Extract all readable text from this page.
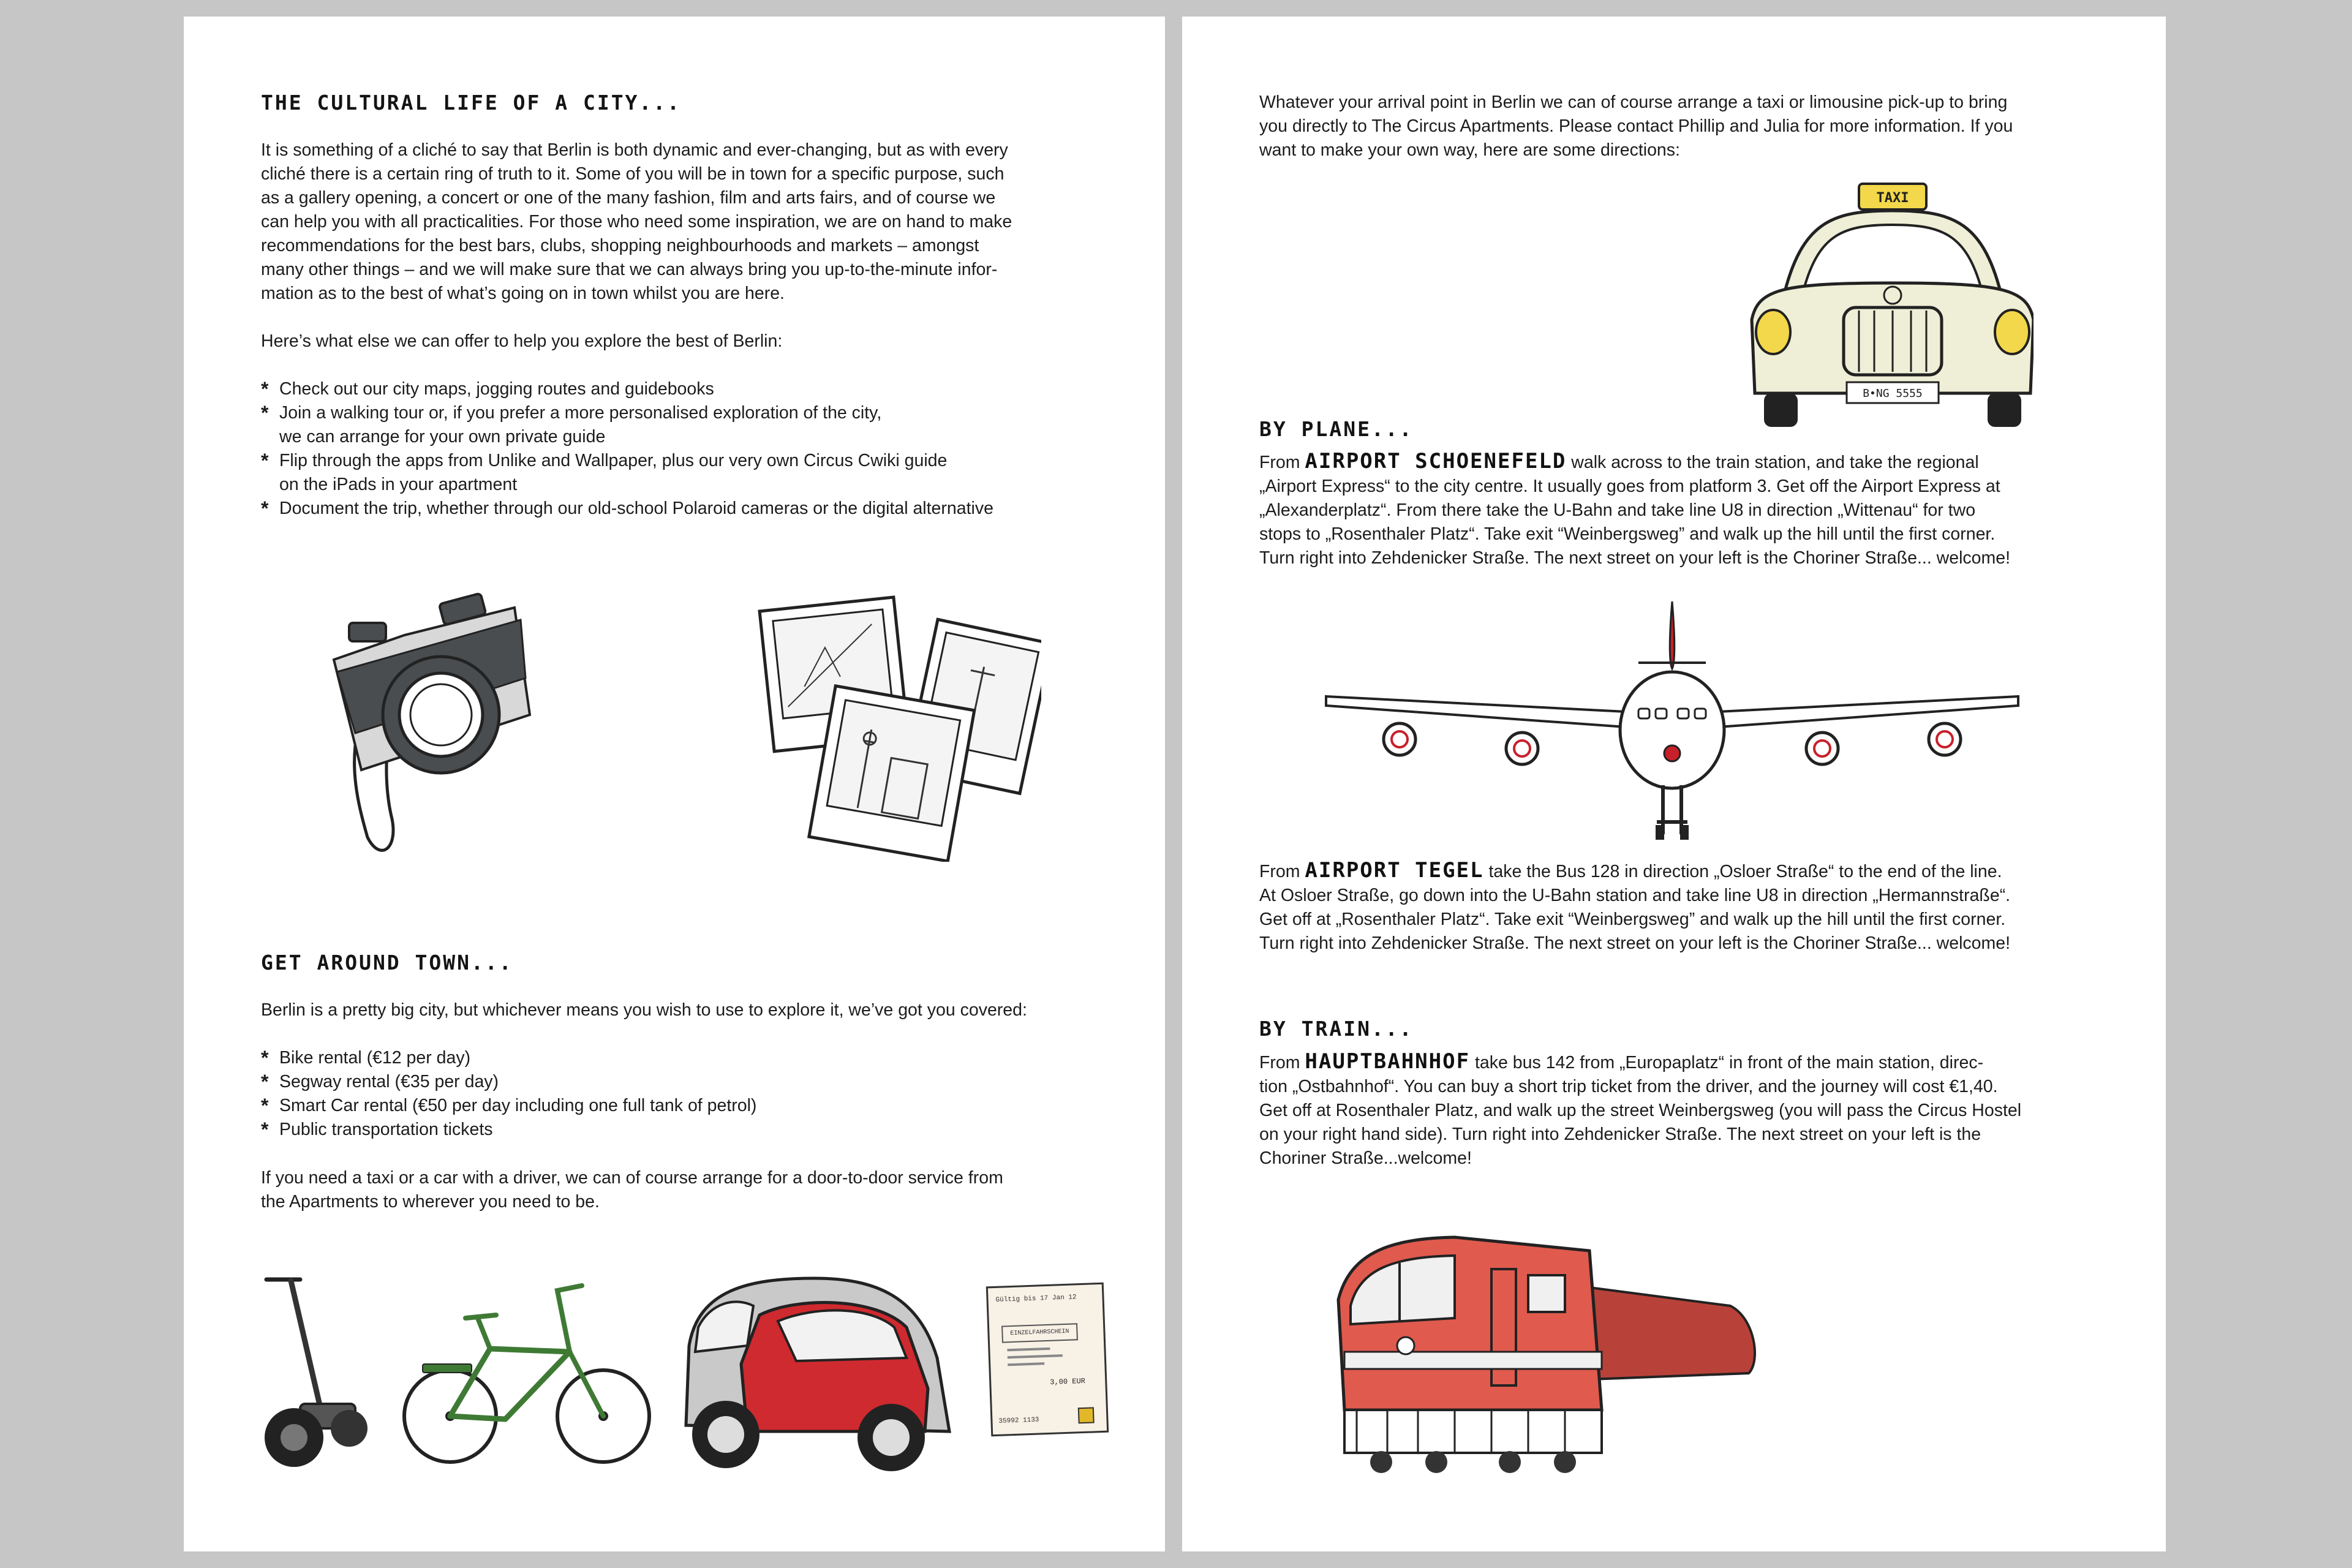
THE CULTURAL LIFE OF A CITY...

It is something of a cliché to say that Berlin is both dynamic and ever-changing, but as with every
cliché there is a certain ring of truth to it. Some of you will be in town for a specific purpose, such
as a gallery opening, a concert or one of the many fashion, film and arts fairs, and of course we
can help you with all practicalities. For those who need some inspiration, we are on hand to make
recommendations for the best bars, clubs, shopping neighbourhoods and markets – amongst
many other things – and we will make sure that we can always bring you up-to-the-minute infor-
mation as to the best of what’s going on in town whilst you are here.

Here’s what else we can offer to help you explore the best of Berlin:

* Check out our city maps, jogging routes and guidebooks
* Join a walking tour or, if you prefer a more personalised exploration of the city,
we can arrange for your own private guide
* Flip through the apps from Unlike and Wallpaper, plus our very own Circus Cwiki guide
on the iPads in your apartment
* Document the trip, whether through our old-school Polaroid cameras or the digital alternative
GET AROUND TOWN...

Berlin is a pretty big city, but whichever means you wish to use to explore it, we’ve got you covered:

* Bike rental (€12 per day)
* Segway rental (€35 per day)
* Smart Car rental (€50 per day including one full tank of petrol)
* Public transportation tickets

If you need a taxi or a car with a driver, we can of course arrange for a door-to-door service from
the Apartments to wherever you need to be.

Gültig bis 17 Jan 12
EINZELFAHRSCHEIN
3,00 EUR
35992 1133

Whatever your arrival point in Berlin we can of course arrange a taxi or limousine pick-up to bring
you directly to The Circus Apartments. Please contact Phillip and Julia for more information. If you
want to make your own way, here are some directions:

TAXI
B•NG 5555
BY PLANE...

From AIRPORT SCHOENEFELD walk across to the train station, and take the regional
„Airport Express“ to the city centre. It usually goes from platform 3. Get off the Airport Express at
„Alexanderplatz“. From there take the U-Bahn and take line U8 in direction „Wittenau“ for two
stops to „Rosenthaler Platz“. Take exit “Weinbergsweg” and walk up the hill until the first corner.
Turn right into Zehdenicker Straße. The next street on your left is the Choriner Straße... welcome!

From AIRPORT TEGEL take the Bus 128 in direction „Osloer Straße“ to the end of the line.
At Osloer Straße, go down into the U-Bahn station and take line U8 in direction „Hermannstraße“.
Get off at „Rosenthaler Platz“. Take exit “Weinbergsweg” and walk up the hill until the first corner.
Turn right into Zehdenicker Straße. The next street on your left is the Choriner Straße... welcome!

BY TRAIN...

From HAUPTBAHNHOF take bus 142 from „Europaplatz“ in front of the main station, direc-
tion „Ostbahnhof“. You can buy a short trip ticket from the driver, and the journey will cost €1,40.
Get off at Rosenthaler Platz, and walk up the street Weinbergsweg (you will pass the Circus Hostel
on your right hand side). Turn right into Zehdenicker Straße. The next street on your left is the
Choriner Straße...welcome!
